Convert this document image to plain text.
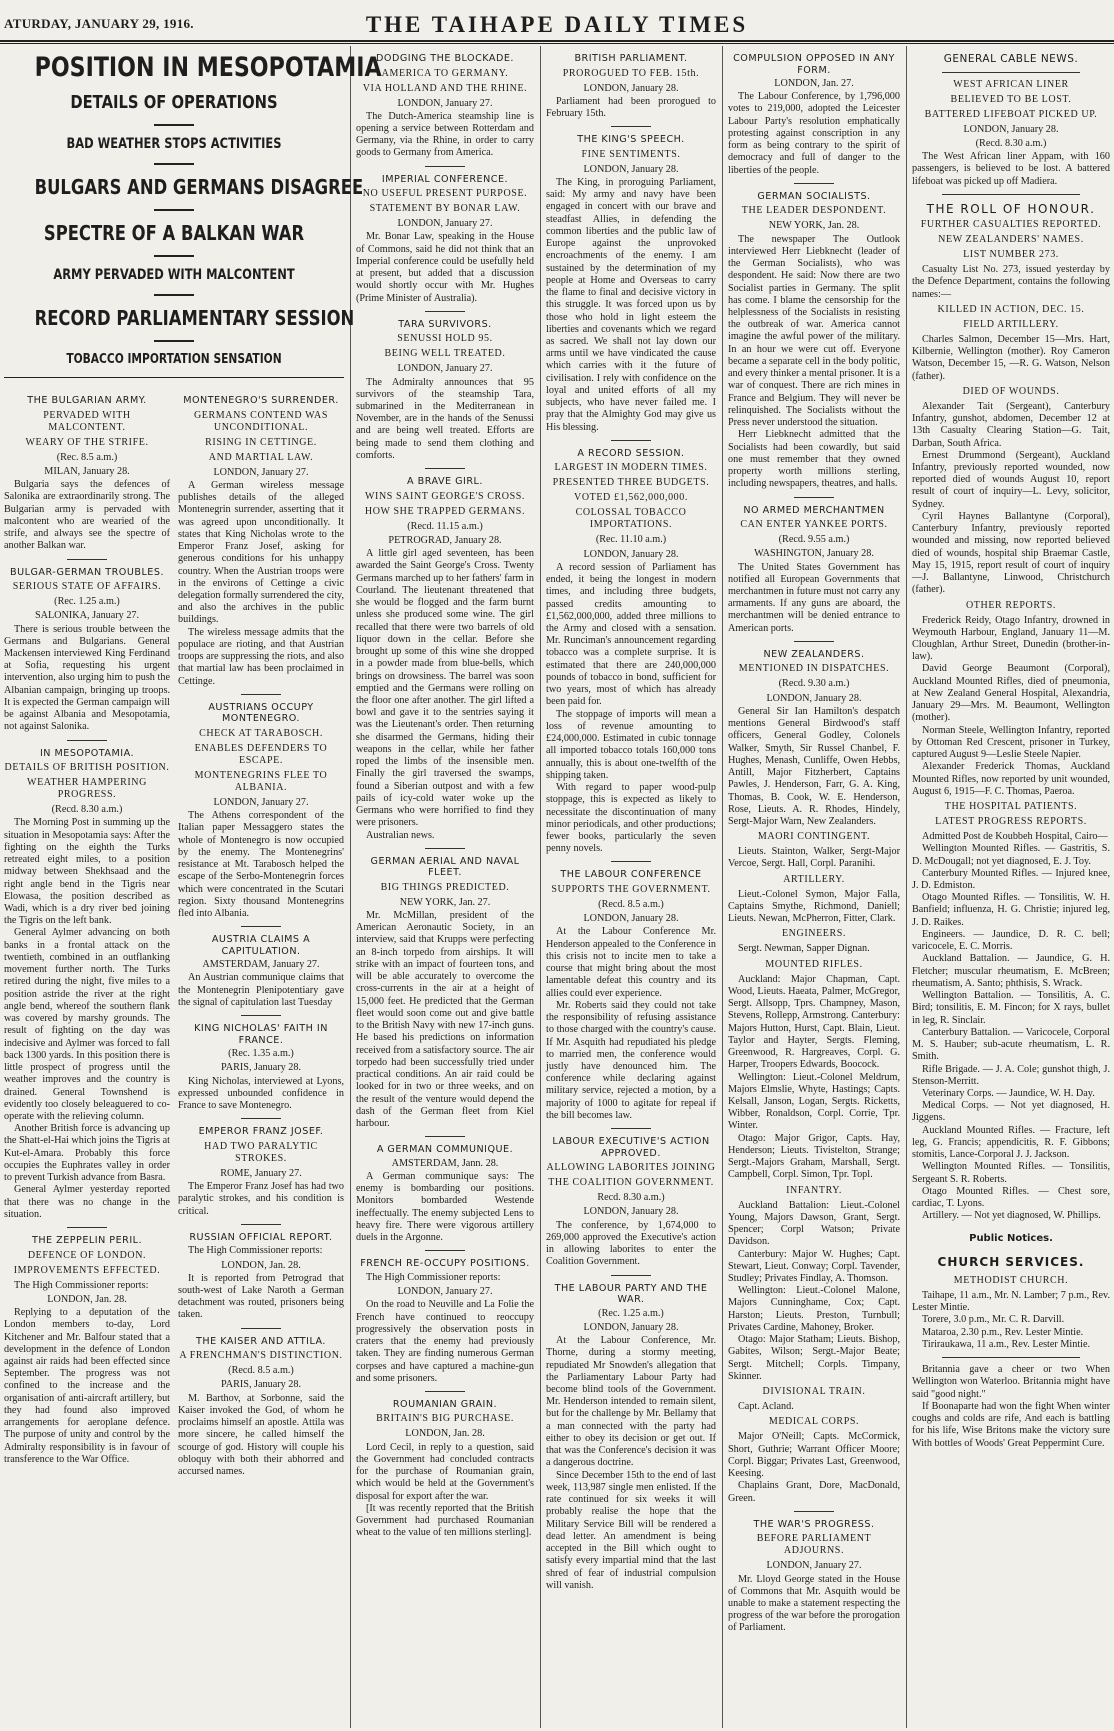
ATURDAY, JANUARY 29, 1916.	THE TAIHAPE DAILY TIMES
POSITION IN MESOPOTAMIA
DETAILS OF OPERATIONS
BAD WEATHER STOPS ACTIVITIES
BULGARS AND GERMANS DISAGREE
SPECTRE OF A BALKAN WAR
ARMY PERVADED WITH MALCONTENT
RECORD PARLIAMENTARY SESSION
TOBACCO IMPORTATION SENSATION
THE BULGARIAN ARMY.
PERVADED WITH MALCONTENT.
WEARY OF THE STRIFE.
(Rec. 8.5 a.m.)
MILAN, January 28.

Bulgaria says the defences of Salonika are extraordinarily strong. The Bulgarian army is pervaded with malcontent who are wearied of the strife, and always see the spectre of another Balkan war.

BULGAR-GERMAN TROUBLES.
SERIOUS STATE OF AFFAIRS.
(Rec. 1.25 a.m.)
SALONIKA, January 27.

There is serious trouble between the Germans and Bulgarians. General Mackensen interviewed King Ferdinand at Sofia, requesting his urgent intervention, also urging him to push the Albanian campaign, bringing up troops. It is expected the German campaign will be against Albania and Mesopotamia, not against Salonika.

IN MESOPOTAMIA.
DETAILS OF BRITISH POSITION.
WEATHER HAMPERING PROGRESS.
(Recd. 8.30 a.m.)

The Morning Post in summing up the situation in Mesopotamia says: After the fighting on the eighth the Turks retreated eight miles, to a position midway between Shekhsaad and the right angle bend in the Tigris near Elowasa, the position described as Wadi, which is a dry river bed joining the Tigris on the left bank.

General Aylmer advancing on both banks in a frontal attack on the twentieth, combined in an outflanking movement further north. The Turks retired during the night, five miles to a position astride the river at the right angle bend, whereof the southern flank was covered by marshy grounds. The result of fighting on the day was indecisive and Aylmer was forced to fall back 1300 yards. In this position there is little prospect of progress until the weather improves and the country is drained. General Townshend is evidently too closely beleaguered to co-operate with the relieving column.

Another British force is advancing up the Shatt-el-Hai which joins the Tigris at Kut-el-Amara. Probably this force occupies the Euphrates valley in order to prevent Turkish advance from Basra.

General Aylmer yesterday reported that there was no change in the situation.

THE ZEPPELIN PERIL.
DEFENCE OF LONDON.
IMPROVEMENTS EFFECTED.

The High Commissioner reports:

LONDON, Jan. 28.

Replying to a deputation of the London members to-day, Lord Kitchener and Mr. Balfour stated that a development in the defence of London against air raids had been effected since September. The progress was not confined to the increase and the organisation of anti-aircraft artillery, but they had found also improved arrangements for aeroplane defence. The purpose of unity and control by the Admiralty responsibility is in favour of transference to the War Office.

MONTENEGRO'S SURRENDER.
GERMANS CONTEND WAS UNCONDITIONAL.
RISING IN CETTINGE.
AND MARTIAL LAW.
LONDON, January 27.

A German wireless message publishes details of the alleged Montenegrin surrender, asserting that it was agreed upon unconditionally. It states that King Nicholas wrote to the Emperor Franz Josef, asking for generous conditions for his unhappy country. When the Austrian troops were in the environs of Cettinge a civic delegation formally surrendered the city, and also the archives in the public buildings.

The wireless message admits that the populace are rioting, and that Austrian troops are suppressing the riots, and also that martial law has been proclaimed in Cettinge.

AUSTRIANS OCCUPY MONTENEGRO.
CHECK AT TARABOSCH.
ENABLES DEFENDERS TO ESCAPE.
MONTENEGRINS FLEE TO ALBANIA.
LONDON, January 27.

The Athens correspondent of the Italian paper Messaggero states the whole of Montenegro is now occupied by the enemy. The Montenegrins' resistance at Mt. Tarabosch helped the escape of the Serbo-Montenegrin forces which were concentrated in the Scutari region. Sixty thousand Montenegrins fled into Albania.

AUSTRIA CLAIMS A CAPITULATION.
AMSTERDAM, January 27.

An Austrian communique claims that the Montenegrin Plenipotentiary gave the signal of capitulation last Tuesday

KING NICHOLAS' FAITH IN FRANCE.
(Rec. 1.35 a.m.)
PARIS, January 28.

King Nicholas, interviewed at Lyons, expressed unbounded confidence in France to save Montenegro.

EMPEROR FRANZ JOSEF.
HAD TWO PARALYTIC STROKES.
ROME, January 27.

The Emperor Franz Josef has had two paralytic strokes, and his condition is critical.

RUSSIAN OFFICIAL REPORT.

The High Commissioner reports:

LONDON, Jan. 28.

It is reported from Petrograd that south-west of Lake Naroth a German detachment was routed, prisoners being taken.

THE KAISER AND ATTILA.
A FRENCHMAN'S DISTINCTION.
(Recd. 8.5 a.m.)
PARIS, January 28.

M. Barthov, at Sorbonne, said the Kaiser invoked the God, of whom he proclaims himself an apostle. Attila was more sincere, he called himself the scourge of god. History will couple his obloquy with both their abhorred and accursed names.

DODGING THE BLOCKADE.
AMERICA TO GERMANY.
VIA HOLLAND AND THE RHINE.
LONDON, January 27.

The Dutch-America steamship line is opening a service between Rotterdam and Germany, via the Rhine, in order to carry goods to Germany from America.

IMPERIAL CONFERENCE.
NO USEFUL PRESENT PURPOSE.
STATEMENT BY BONAR LAW.
LONDON, January 27.

Mr. Bonar Law, speaking in the House of Commons, said he did not think that an Imperial conference could be usefully held at present, but added that a discussion would shortly occur with Mr. Hughes (Prime Minister of Australia).

TARA SURVIVORS.
SENUSSI HOLD 95.
BEING WELL TREATED.
LONDON, January 27.

The Admiralty announces that 95 survivors of the steamship Tara, submarined in the Mediterranean in November, are in the hands of the Senussi and are being well treated. Efforts are being made to send them clothing and comforts.

A BRAVE GIRL.
WINS SAINT GEORGE'S CROSS.
HOW SHE TRAPPED GERMANS.
(Recd. 11.15 a.m.)
PETROGRAD, January 28.

A little girl aged seventeen, has been awarded the Saint George's Cross. Twenty Germans marched up to her fathers' farm in Courland. The lieutenant threatened that she would be flogged and the farm burnt unless she produced some wine. The girl recalled that there were two barrels of old liquor down in the cellar. Before she brought up some of this wine she dropped in a powder made from blue-bells, which brings on drowsiness. The barrel was soon emptied and the Germans were rolling on the floor one after another. The girl lifted a bowl and gave it to the sentries saying it was the Lieutenant's order. Then returning she disarmed the Germans, hiding their weapons in the cellar, while her father roped the limbs of the insensible men. Finally the girl traversed the swamps, found a Siberian outpost and with a few pails of icy-cold water woke up the Germans who were horrified to find they were prisoners.

Australian news.

GERMAN AERIAL AND NAVAL FLEET.
BIG THINGS PREDICTED.
NEW YORK, Jan. 27.

Mr. McMillan, president of the American Aeronautic Society, in an interview, said that Krupps were perfecting an 8-inch torpedo from airships. It will strike with an impact of fourteen tons, and will be able accurately to overcome the cross-currents in the air at a height of 15,000 feet. He predicted that the German fleet would soon come out and give battle to the British Navy with new 17-inch guns. He based his predictions on information received from a satisfactory source. The air torpedo had been successfully tried under practical conditions. An air raid could be looked for in two or three weeks, and on the result of the venture would depend the dash of the German fleet from Kiel harbour.

A GERMAN COMMUNIQUE.
AMSTERDAM, Jann. 28.

A German communique says: The enemy is bombarding our positions. Monitors bombarded Westende ineffectually. The enemy subjected Lens to heavy fire. There were vigorous artillery duels in the Argonne.

FRENCH RE-OCCUPY POSITIONS.

The High Commissioner reports:

LONDON, January 27.

On the road to Neuville and La Folie the French have continued to reoccupy progressively the observation posts in craters that the enemy had previously taken. They are finding numerous German corpses and have captured a machine-gun and some prisoners.

ROUMANIAN GRAIN.
BRITAIN'S BIG PURCHASE.
LONDON, Jan. 28.

Lord Cecil, in reply to a question, said the Government had concluded contracts for the purchase of Roumanian grain, which would be held at the Government's disposal for export after the war.

[It was recently reported that the British Government had purchased Roumanian wheat to the value of ten millions sterling].

BRITISH PARLIAMENT.
PROROGUED TO FEB. 15th.
LONDON, January 28.

Parliament had been prorogued to February 15th.

THE KING'S SPEECH.
FINE SENTIMENTS.
LONDON, January 28.

The King, in proroguing Parliament, said: My army and navy have been engaged in concert with our brave and steadfast Allies, in defending the common liberties and the public law of Europe against the unprovoked encroachments of the enemy. I am sustained by the determination of my people at Home and Overseas to carry the flame to final and decisive victory in this struggle. It was forced upon us by those who hold in light esteem the liberties and covenants which we regard as sacred. We shall not lay down our arms until we have vindicated the cause which carries with it the future of civilisation. I rely with confidence on the loyal and united efforts of all my subjects, who have never failed me. I pray that the Almighty God may give us His blessing.

A RECORD SESSION.
LARGEST IN MODERN TIMES.
PRESENTED THREE BUDGETS.
VOTED £1,562,000,000.
COLOSSAL TOBACCO IMPORTATIONS.
(Rec. 11.10 a.m.)
LONDON, January 28.

A record session of Parliament has ended, it being the longest in modern times, and including three budgets, passed credits amounting to £1,562,000,000, added three millions to the Army and closed with a sensation. Mr. Runciman's announcement regarding tobacco was a complete surprise. It is estimated that there are 240,000,000 pounds of tobacco in bond, sufficient for two years, most of which has already been paid for.

The stoppage of imports will mean a loss of revenue amounting to £24,000,000. Estimated in cubic tonnage all imported tobacco totals 160,000 tons annually, this is about one-twelfth of the shipping taken.

With regard to paper wood-pulp stoppage, this is expected as likely to necessitate the discontinuation of many minor periodicals, and other productions; fewer books, particularly the seven penny novels.

THE LABOUR CONFERENCE
SUPPORTS THE GOVERNMENT.
(Recd. 8.5 a.m.)
LONDON, January 28.

At the Labour Conference Mr. Henderson appealed to the Conference in this crisis not to incite men to take a course that might bring about the most lamentable defeat this country and its allies could ever experience.

Mr. Roberts said they could not take the responsibility of refusing assistance to those charged with the country's cause. If Mr. Asquith had repudiated his pledge to married men, the conference would justly have denounced him. The conference while declaring against military service, rejected a motion, by a majority of 1000 to agitate for repeal if the bill becomes law.

LABOUR EXECUTIVE'S ACTION APPROVED.
ALLOWING LABORITES JOINING
THE COALITION GOVERNMENT.
Recd. 8.30 a.m.)
LONDON, January 28.

The conference, by 1,674,000 to 269,000 approved the Executive's action in allowing laborites to enter the Coalition Government.

THE LABOUR PARTY AND THE WAR.
(Rec. 1.25 a.m.)
LONDON, January 28.

At the Labour Conference, Mr. Thorne, during a stormy meeting, repudiated Mr Snowden's allegation that the Parliamentary Labour Party had become blind tools of the Government. Mr. Henderson intended to remain silent, but for the challenge by Mr. Bellamy that a man connected with the party had either to obey its decision or get out. If that was the Conference's decision it was a dangerous doctrine.

Since December 15th to the end of last week, 113,987 single men enlisted. If the rate continued for six weeks it will probably realise the hope that the Military Service Bill will be rendered a dead letter. An amendment is being accepted in the Bill which ought to satisfy every impartial mind that the last shred of fear of industrial compulsion will vanish.

COMPULSION OPPOSED IN ANY FORM.
LONDON, Jan. 27.

The Labour Conference, by 1,796,000 votes to 219,000, adopted the Leicester Labour Party's resolution emphatically protesting against conscription in any form as being contrary to the spirit of democracy and full of danger to the liberties of the people.

GERMAN SOCIALISTS.
THE LEADER DESPONDENT.
NEW YORK, Jan. 28.

The newspaper The Outlook interviewed Herr Liebknecht (leader of the German Socialists), who was despondent. He said: Now there are two Socialist parties in Germany. The split has come. I blame the censorship for the helplessness of the Socialists in resisting the outbreak of war. America cannot imagine the awful power of the military. In an hour we were cut off. Everyone became a separate cell in the body politic, and every thinker a mental prisoner. It is a war of conquest. There are rich mines in France and Belgium. They will never be relinquished. The Socialists without the Press never understood the situation.

Herr Liebknecht admitted that the Socialists had been cowardly, but said one must remember that they owned property worth millions sterling, including newspapers, theatres, and halls.

NO ARMED MERCHANTMEN
CAN ENTER YANKEE PORTS.
(Recd. 9.55 a.m.)
WASHINGTON, January 28.

The United States Government has notified all European Governments that merchantmen in future must not carry any armaments. If any guns are aboard, the merchantmen will be denied entrance to American ports.

NEW ZEALANDERS.
MENTIONED IN DISPATCHES.
(Recd. 9.30 a.m.)
LONDON, January 28.

General Sir Ian Hamilton's despatch mentions General Birdwood's staff officers, General Godley, Colonels Walker, Smyth, Sir Russel Chanbel, F. Hughes, Menash, Cunliffe, Owen Hebbs, Antill, Major Fitzherbert, Captains Pawles, J. Henderson, Farr, G. A. King, Thomas, B. Cook, W. E. Henderson, Rose, Lieuts. A. R. Rhodes, Hindely, Sergt-Major Warn, New Zealanders.

MAORI CONTINGENT.

Lieuts. Stainton, Walker, Sergt-Major Vercoe, Sergt. Hall, Corpl. Paranihi.

ARTILLERY.

Lieut.-Colonel Symon, Major Falla, Captains Smythe, Richmond, Daniell; Lieuts. Newan, McPherron, Fitter, Clark.

ENGINEERS.

Sergt. Newman, Sapper Dignan.

MOUNTED RIFLES.

Auckland: Major Chapman, Capt. Wood, Lieuts. Haeata, Palmer, McGregor, Sergt. Allsopp, Tprs. Champney, Mason, Stevens, Rollepp, Armstrong. Canterbury: Majors Hutton, Hurst, Capt. Blain, Lieut. Taylor and Hayter, Sergts. Fleming, Greenwood, R. Hargreaves, Corpl. G. Harper, Troopers Edwards, Boocock.

Wellington: Lieut.-Colonel Meldrum, Majors Elmslie, Whyte, Hastings; Capts. Kelsall, Janson, Logan, Sergts. Ricketts, Wibber, Ronaldson, Corpl. Corrie, Tpr. Winter.

Otago: Major Grigor, Capts. Hay, Henderson; Lieuts. Tivistelton, Strange; Sergt.-Majors Graham, Marshall, Sergt. Campbell, Corpl. Simon, Tpr. Topl.

INFANTRY.

Auckland Battalion: Lieut.-Colonel Young, Majors Dawson, Grant, Sergt. Spencer; Corpl Watson; Private Davidson.

Canterbury: Major W. Hughes; Capt. Stewart, Lieut. Conway; Corpl. Tavender, Studley; Privates Findlay, A. Thomson.

Wellington: Lieut.-Colonel Malone, Majors Cunninghame, Cox; Capt. Harston; Lieuts. Preston, Turnbull; Privates Cardine, Mahoney, Broker.

Otago: Major Statham; Lieuts. Bishop, Gabites, Wilson; Sergt.-Major Beate; Sergt. Mitchell; Corpls. Timpany, Skinner.

DIVISIONAL TRAIN.

Capt. Acland.

MEDICAL CORPS.

Major O'Neill; Capts. McCormick, Short, Guthrie; Warrant Officer Moore; Corpl. Biggar; Privates Last, Greenwood, Keesing.

Chaplains Grant, Dore, MacDonald, Green.

THE WAR'S PROGRESS.
BEFORE PARLIAMENT ADJOURNS.
LONDON, January 27.

Mr. Lloyd George stated in the House of Commons that Mr. Asquith would be unable to make a statement respecting the progress of the war before the prorogation of Parliament.

GENERAL CABLE NEWS.
WEST AFRICAN LINER
BELIEVED TO BE LOST.
BATTERED LIFEBOAT PICKED UP.
LONDON, January 28.
(Recd. 8.30 a.m.)

The West African liner Appam, with 160 passengers, is believed to be lost. A battered lifeboat was picked up off Madiera.

THE ROLL OF HONOUR.
FURTHER CASUALTIES REPORTED.
NEW ZEALANDERS' NAMES.
LIST NUMBER 273.

Casualty List No. 273, issued yesterday by the Defence Department, contains the following names:—

KILLED IN ACTION, DEC. 15.
FIELD ARTILLERY.

Charles Salmon, December 15—Mrs. Hart, Kilbernie, Wellington (mother). Roy Cameron Watson, December 15, —R. G. Watson, Nelson (father).

DIED OF WOUNDS.

Alexander Tait (Sergeant), Canterbury Infantry, gunshot, abdomen, December 12 at 13th Casualty Clearing Station—G. Tait, Darban, South Africa.

Ernest Drummond (Sergeant), Auckland Infantry, previously reported wounded, now reported died of wounds August 10, report result of court of inquiry—L. Levy, solicitor, Sydney.

Cyril Haynes Ballantyne (Corporal), Canterbury Infantry, previously reported wounded and missing, now reported believed died of wounds, hospital ship Braemar Castle, May 15, 1915, report result of court of inquiry—J. Ballantyne, Linwood, Christchurch (father).

OTHER REPORTS.

Frederick Reidy, Otago Infantry, drowned in Weymouth Harbour, England, January 11—M. Cloughlan, Arthur Street, Dunedin (brother-in-law).

David George Beaumont (Corporal), Auckland Mounted Rifles, died of pneumonia, at New Zealand General Hospital, Alexandria, January 29—Mrs. M. Beaumont, Wellington (mother).

Norman Steele, Wellington Infantry, reported by Ottoman Red Crescent, prisoner in Turkey, captured August 9—Leslie Steele Napier.

Alexander Frederick Thomas, Auckland Mounted Rifles, now reported by unit wounded, August 6, 1915—F. C. Thomas, Paeroa.

THE HOSPITAL PATIENTS.
LATEST PROGRESS REPORTS.

Admitted Post de Koubbeh Hospital, Cairo—

Wellington Mounted Rifles. — Gastritis, S. D. McDougall; not yet diagnosed, E. J. Toy.

Canterbury Mounted Rifles. — Injured knee, J. D. Edmiston.

Otago Mounted Rifles. — Tonsilitis, W. H. Banfield; influenza, H. G. Christie; injured leg, J. D. Raikes.

Engineers. — Jaundice, D. R. C. bell; varicocele, E. C. Morris.

Auckland Battalion. — Jaundice, G. H. Fletcher; muscular rheumatism, E. McBreen; rheumatism, A. Santo; phthisis, S. Wrack.

Wellington Battalion. — Tonsilitis, A. C. Bird; tonsilitis, E. M. Fincon; for X rays, bullet in leg, R. Sinclair.

Canterbury Battalion. — Varicocele, Corporal M. S. Hauber; sub-acute rheumatism, L. R. Smith.

Rifle Brigade. — J. A. Cole; gunshot thigh, J. Stenson-Merritt.

Veterinary Corps. — Jaundice, W. H. Day.

Medical Corps. — Not yet diagnosed, H. Jiggens.

Auckland Mounted Rifles. — Fracture, left leg, G. Francis; appendicitis, R. F. Gibbons; stomitis, Lance-Corporal J. J. Jackson.

Wellington Mounted Rifles. — Tonsilitis, Sergeant S. R. Roberts.

Otago Mounted Rifles. — Chest sore, cardiac, T. Lyons.

Artillery. — Not yet diagnosed, W. Phillips.

Public Notices.
CHURCH SERVICES.
METHODIST CHURCH.

Taihape, 11 a.m., Mr. N. Lamber; 7 p.m., Rev. Lester Mintie.

Torere, 3.0 p.m., Mr. C. R. Darvill.

Mataroa, 2.30 p.m., Rev. Lester Mintie.

Tiriraukawa, 11 a.m., Rev. Lester Mintie.

Britannia gave a cheer or two When Wellington won Waterloo. Britannia might have said "good night."

If Boonaparte had won the fight When winter coughs and colds are rife, And each is battling for his life, Wise Britons make the victory sure With bottles of Woods' Great Peppermint Cure.
